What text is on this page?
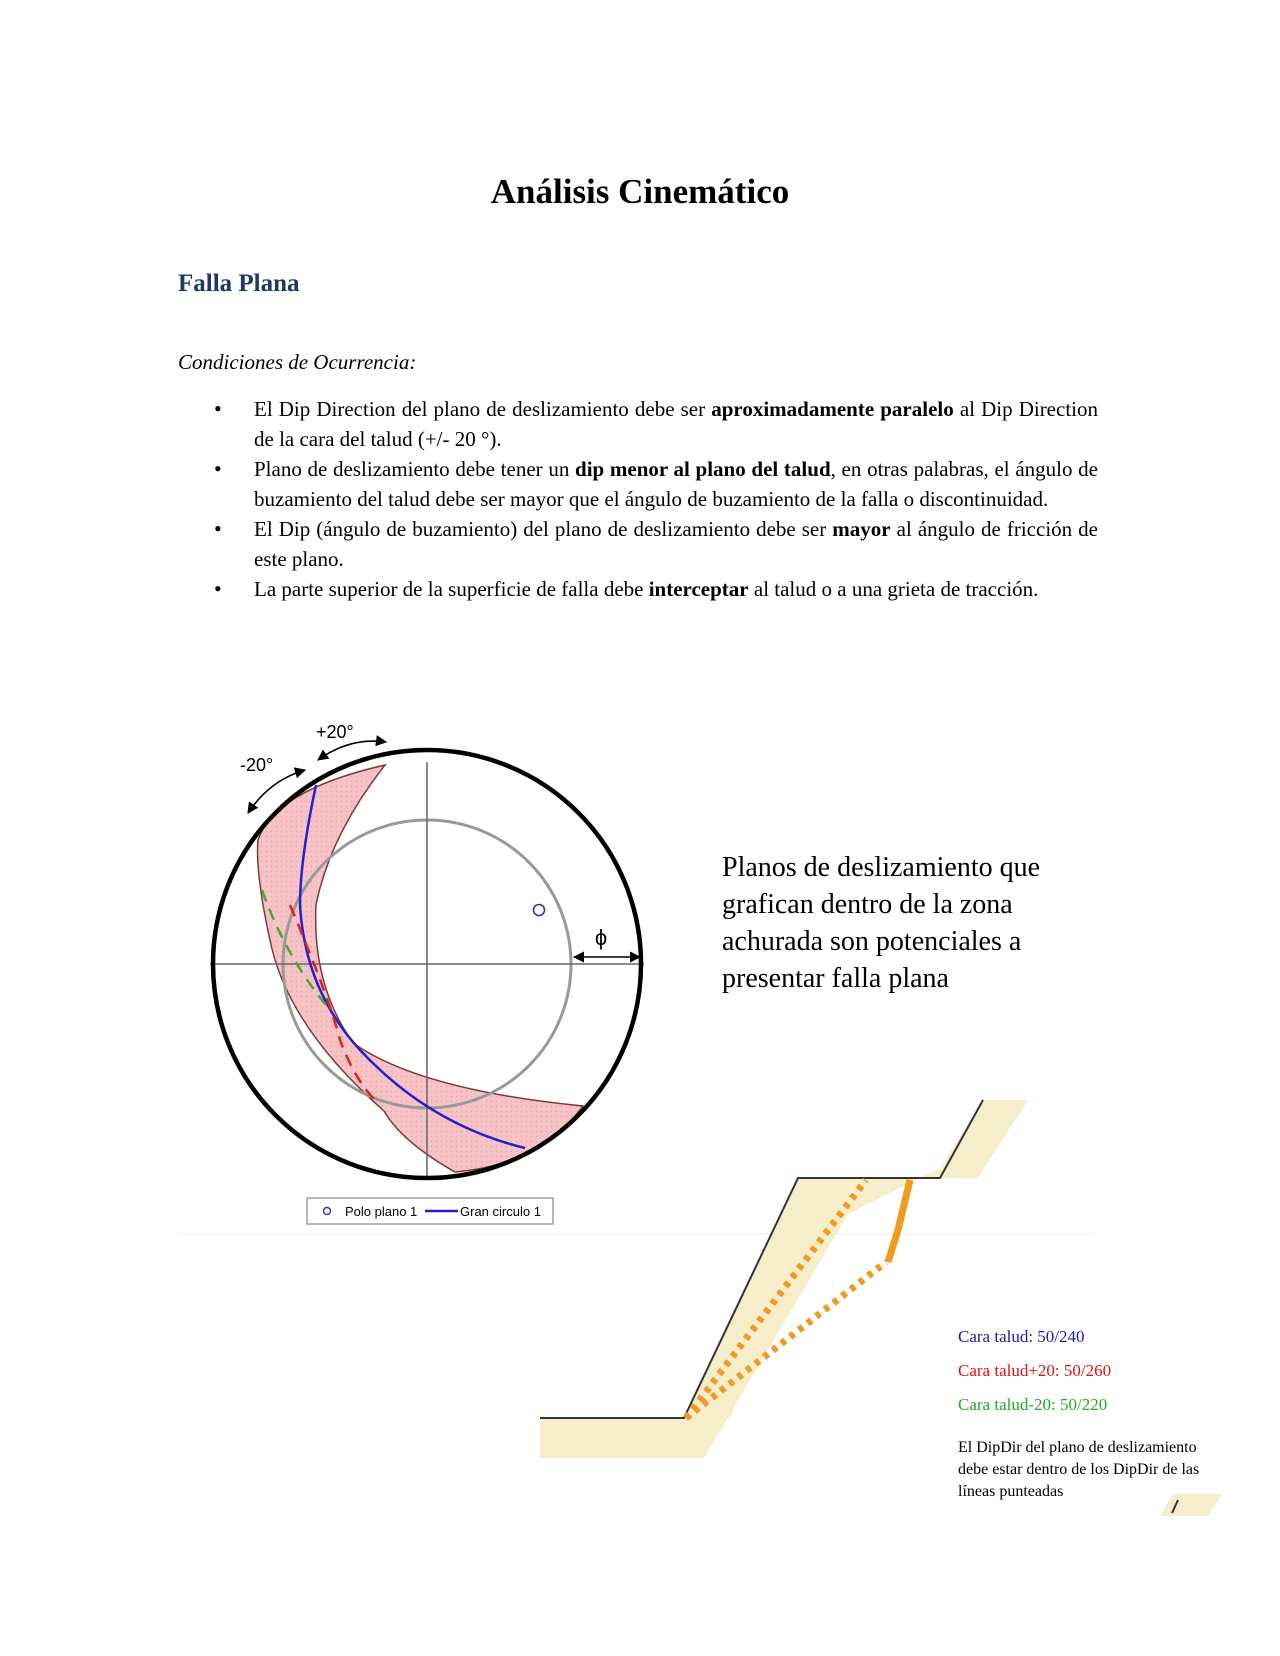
Análisis Cinemático
Falla Plana
Condiciones de Ocurrencia:
• El Dip Direction del plano de deslizamiento debe ser aproximadamente paralelo al Dip Direction de la cara del talud (+/- 20 °).
• Plano de deslizamiento debe tener un dip menor al plano del talud, en otras palabras, el ángulo de buzamiento del talud debe ser mayor que el ángulo de buzamiento de la falla o discontinuidad.
• El Dip (ángulo de buzamiento) del plano de deslizamiento debe ser mayor al ángulo de fricción de este plano.
• La parte superior de la superficie de falla debe interceptar al talud o a una grieta de tracción.
ϕ
+20°
-20°
Polo plano 1	Gran circulo 1
Planos de deslizamiento que grafican dentro de la zona achurada son potenciales a presentar falla plana
Cara talud: 50/240
Cara talud+20: 50/260
Cara talud-20: 50/220
El DipDir del plano de deslizamiento debe estar dentro de los DipDir de las líneas punteadas
